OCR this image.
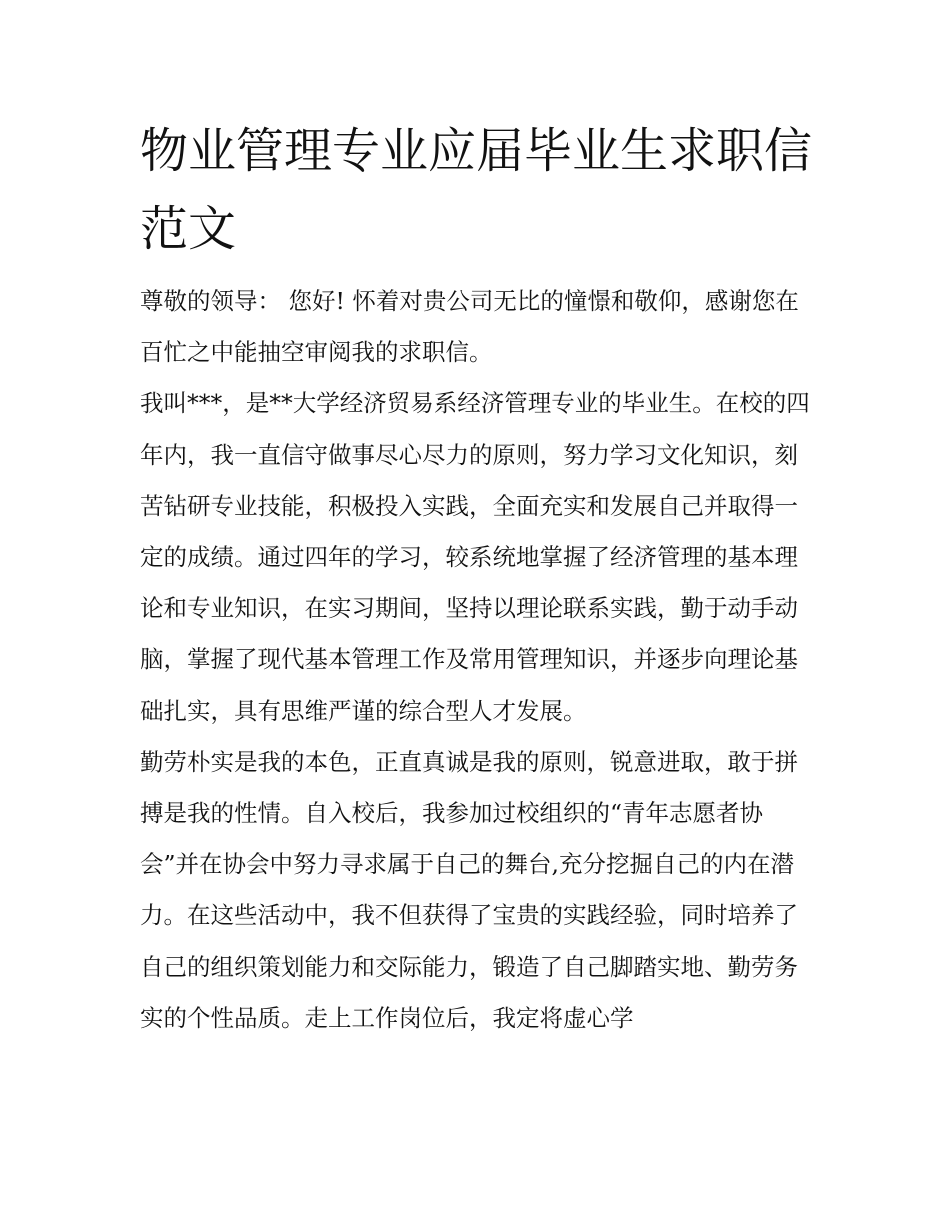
物业管理专业应届毕业生求职信范文

尊敬的领导： 您好! 怀着对贵公司无比的憧憬和敬仰，感谢您在百忙之中能抽空审阅我的求职信。

我叫***，是**大学经济贸易系经济管理专业的毕业生。在校的四年内，我一直信守做事尽心尽力的原则，努力学习文化知识，刻苦钻研专业技能，积极投入实践，全面充实和发展自己并取得一定的成绩。通过四年的学习，较系统地掌握了经济管理的基本理论和专业知识，在实习期间，坚持以理论联系实践，勤于动手动脑，掌握了现代基本管理工作及常用管理知识，并逐步向理论基础扎实，具有思维严谨的综合型人才发展。

勤劳朴实是我的本色，正直真诚是我的原则，锐意进取，敢于拼搏是我的性情。自入校后，我参加过校组织的“青年志愿者协会”并在协会中努力寻求属于自己的舞台,充分挖掘自己的内在潜力。在这些活动中，我不但获得了宝贵的实践经验，同时培养了自己的组织策划能力和交际能力，锻造了自己脚踏实地、勤劳务实的个性品质。走上工作岗位后，我定将虚心学
